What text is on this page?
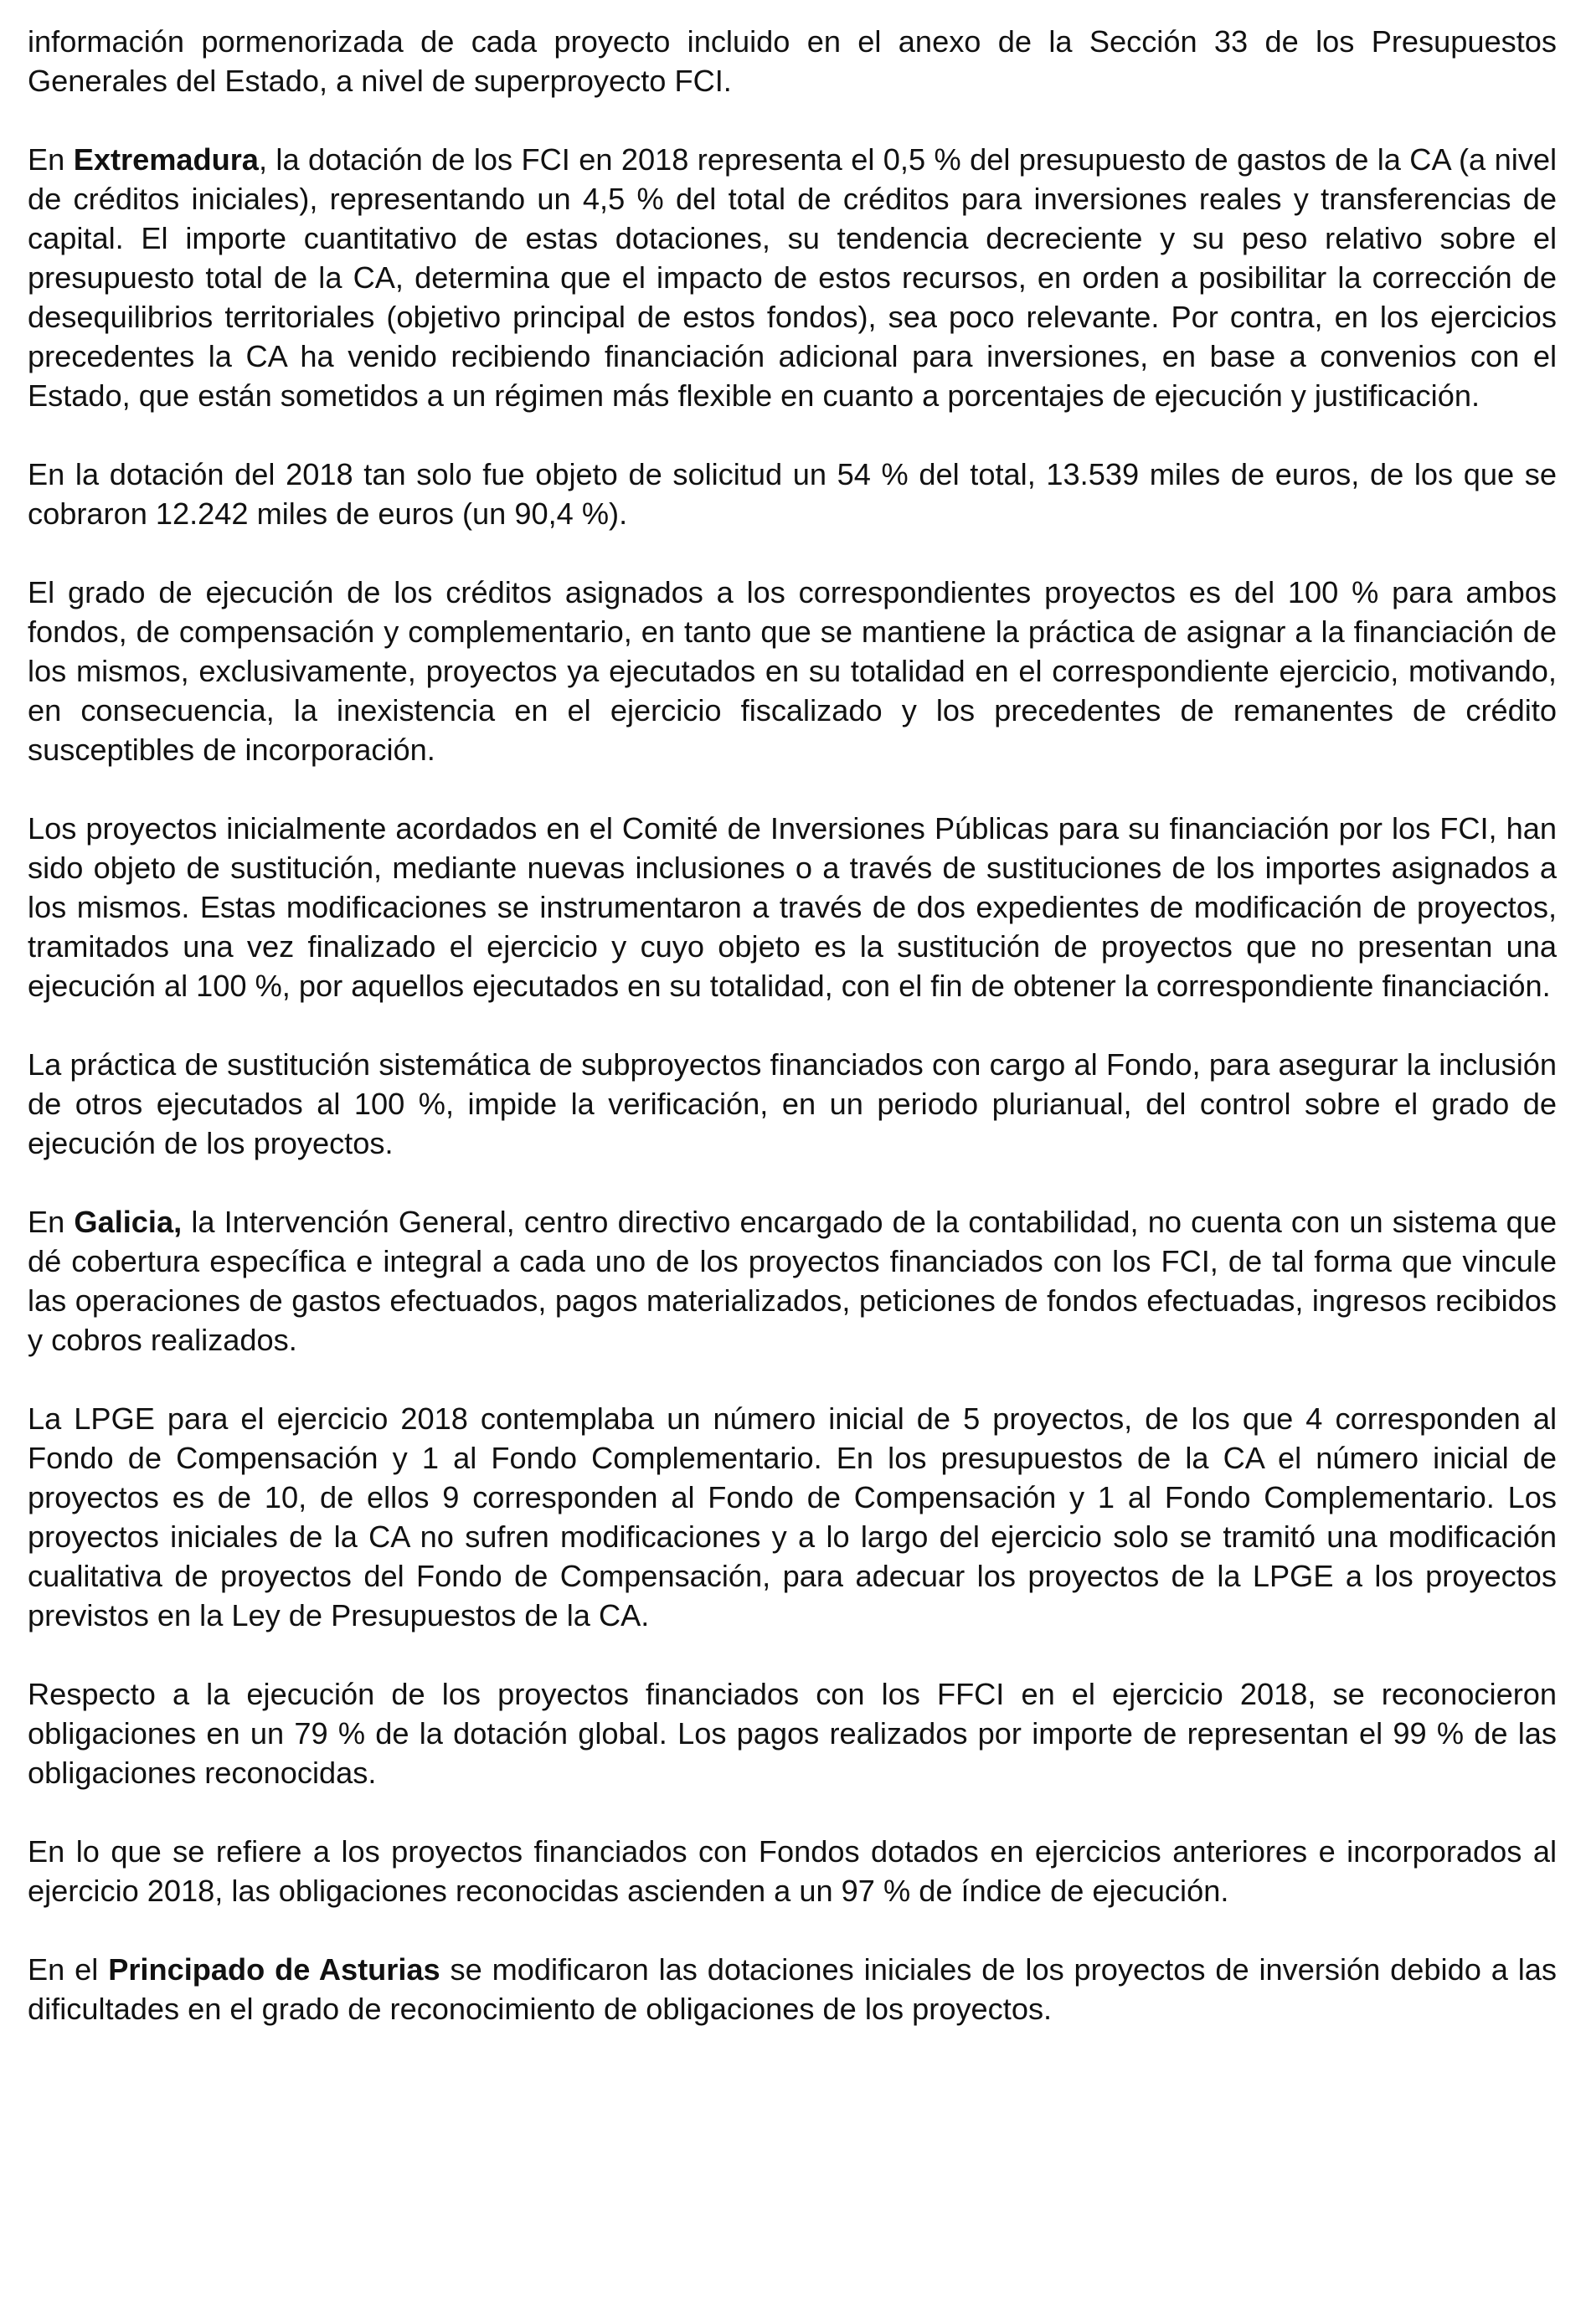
información pormenorizada de cada proyecto incluido en el anexo de la Sección 33 de los Presupuestos Generales del Estado, a nivel de superproyecto FCI.

En Extremadura, la dotación de los FCI en 2018 representa el 0,5 % del presupuesto de gastos de la CA (a nivel de créditos iniciales), representando un 4,5 % del total de créditos para inversiones reales y transferencias de capital. El importe cuantitativo de estas dotaciones, su tendencia decreciente y su peso relativo sobre el presupuesto total de la CA, determina que el impacto de estos recursos, en orden a posibilitar la corrección de desequilibrios territoriales (objetivo principal de estos fondos), sea poco relevante. Por contra, en los ejercicios precedentes la CA ha venido recibiendo financiación adicional para inversiones, en base a convenios con el Estado, que están sometidos a un régimen más flexible en cuanto a porcentajes de ejecución y justificación.

En la dotación del 2018 tan solo fue objeto de solicitud un 54 % del total, 13.539 miles de euros, de los que se cobraron 12.242 miles de euros (un 90,4 %).

El grado de ejecución de los créditos asignados a los correspondientes proyectos es del 100 % para ambos fondos, de compensación y complementario, en tanto que se mantiene la práctica de asignar a la financiación de los mismos, exclusivamente, proyectos ya ejecutados en su totalidad en el correspondiente ejercicio, motivando, en consecuencia, la inexistencia en el ejercicio fiscalizado y los precedentes de remanentes de crédito susceptibles de incorporación.

Los proyectos inicialmente acordados en el Comité de Inversiones Públicas para su financiación por los FCI, han sido objeto de sustitución, mediante nuevas inclusiones o a través de sustituciones de los importes asignados a los mismos. Estas modificaciones se instrumentaron a través de dos expedientes de modificación de proyectos, tramitados una vez finalizado el ejercicio y cuyo objeto es la sustitución de proyectos que no presentan una ejecución al 100 %, por aquellos ejecutados en su totalidad, con el fin de obtener la correspondiente financiación.

La práctica de sustitución sistemática de subproyectos financiados con cargo al Fondo, para asegurar la inclusión de otros ejecutados al 100 %, impide la verificación, en un periodo plurianual, del control sobre el grado de ejecución de los proyectos.

En Galicia, la Intervención General, centro directivo encargado de la contabilidad, no cuenta con un sistema que dé cobertura específica e integral a cada uno de los proyectos financiados con los FCI, de tal forma que vincule las operaciones de gastos efectuados, pagos materializados, peticiones de fondos efectuadas, ingresos recibidos y cobros realizados.

La LPGE para el ejercicio 2018 contemplaba un número inicial de 5 proyectos, de los que 4 corresponden al Fondo de Compensación y 1 al Fondo Complementario. En los presupuestos de la CA el número inicial de proyectos es de 10, de ellos 9 corresponden al Fondo de Compensación y 1 al Fondo Complementario. Los proyectos iniciales de la CA no sufren modificaciones y a lo largo del ejercicio solo se tramitó una modificación cualitativa de proyectos del Fondo de Compensación, para adecuar los proyectos de la LPGE a los proyectos previstos en la Ley de Presupuestos de la CA.

Respecto a la ejecución de los proyectos financiados con los FFCI en el ejercicio 2018, se reconocieron obligaciones en un 79 % de la dotación global. Los pagos realizados por importe de representan el 99 % de las obligaciones reconocidas.

En lo que se refiere a los proyectos financiados con Fondos dotados en ejercicios anteriores e incorporados al ejercicio 2018, las obligaciones reconocidas ascienden a un 97 % de índice de ejecución.

En el Principado de Asturias se modificaron las dotaciones iniciales de los proyectos de inversión debido a las dificultades en el grado de reconocimiento de obligaciones de los proyectos.
